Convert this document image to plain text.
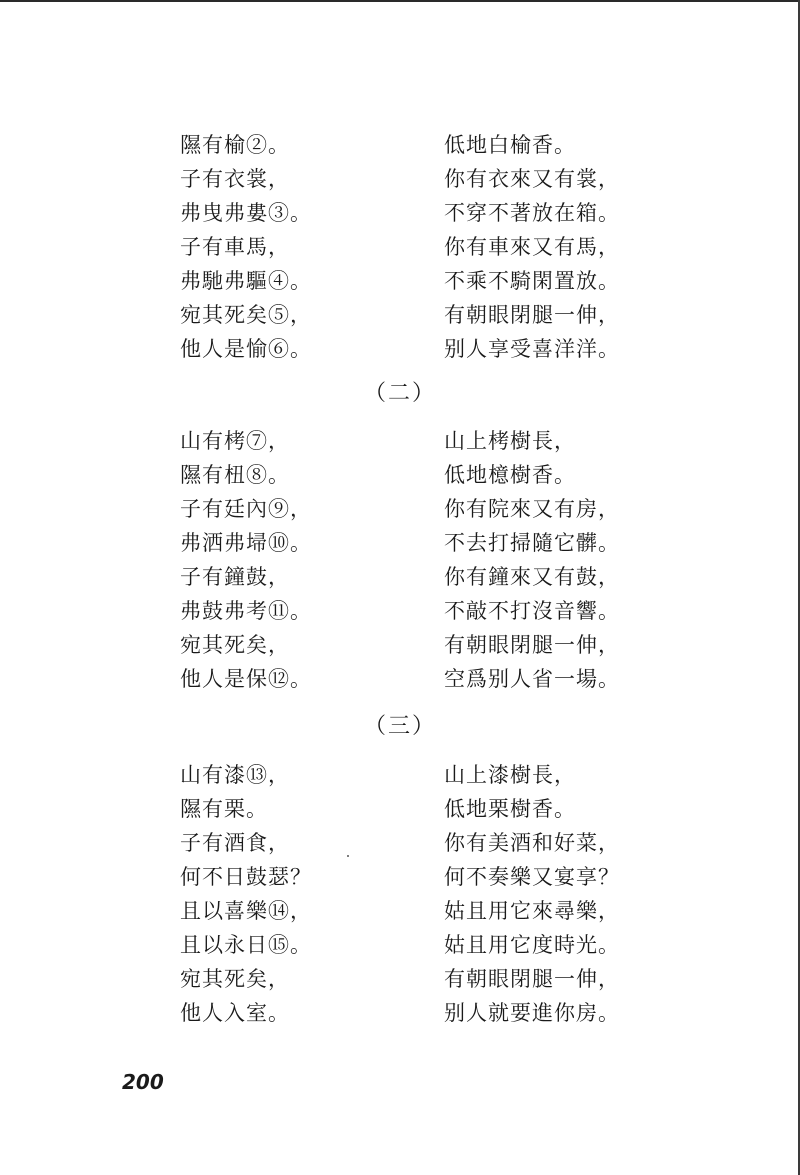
隰有榆②。	低地白榆香。
子有衣裳，	你有衣來又有裳，
弗曳弗婁③。	不穿不著放在箱。
子有車馬，	你有車來又有馬，
弗馳弗驅④。	不乘不騎閑置放。
宛其死矣⑤，	有朝眼閉腿一伸，
他人是愉⑥。	别人享受喜洋洋。
（二）
山有栲⑦，	山上栲樹長，
隰有杻⑧。	低地檍樹香。
子有廷內⑨，	你有院來又有房，
弗洒弗埽⑩。	不去打掃隨它髒。
子有鐘鼓，	你有鐘來又有鼓，
弗鼓弗考⑪。	不敲不打沒音響。
宛其死矣，	有朝眼閉腿一伸，
他人是保⑫。	空爲别人省一場。
（三）
山有漆⑬，	山上漆樹長，
隰有栗。	低地栗樹香。
子有酒食，	你有美酒和好菜，
何不日鼓瑟？	何不奏樂又宴享？
且以喜樂⑭，	姑且用它來尋樂，
且以永日⑮。	姑且用它度時光。
宛其死矣，	有朝眼閉腿一伸，
他人入室。	别人就要進你房。
200
